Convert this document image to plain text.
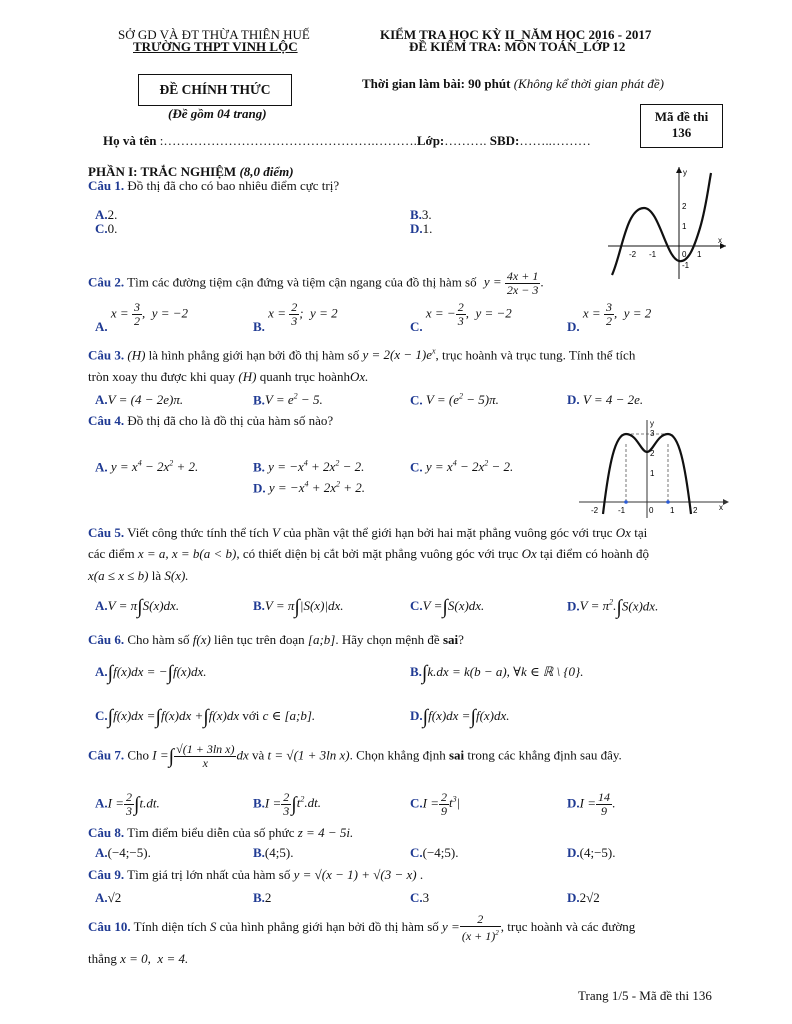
SỞ GD VÀ ĐT THỪA THIÊN HUẾ
TRƯỜNG THPT VINH LỘC
KIỂM TRA HỌC KỲ II_NĂM HỌC 2016 - 2017
ĐỀ KIỂM TRA: MÔN TOÁN_LỚP 12
ĐỀ CHÍNH THỨC
(Đề gồm 04 trang)
Thời gian làm bài: 90 phút (Không kể thời gian phát đề)
Mã đề thi
136
Họ và tên :………………………………………….……….Lớp:………. SBD:……..………
PHẦN I: TRẮC NGHIỆM (8,0 điểm)
Câu 1. Đồ thị đã cho có bao nhiêu điểm cực trị?
A.2.	B.3.
C.0.	D.1.
-2 -1	0 1
x
y
2
1
-1
Câu 2. Tìm các đường tiệm cận đứng và tiệm cận ngang của đồ thị hàm số $y = \frac{4x + 1}{2x - 3}$ .
A. $x = \frac{3}{2}$ ,  y = −2
B. $x = \frac{2}{3}$ ;  y = 2
C. x = − $\frac{2}{3}$ ,  y = −2
D. $x = \frac{3}{2}$ ,  y = 2
Câu 3. (H) là hình phẳng giới hạn bởi đồ thị hàm số $y = 2(x - 1)e^x$, trục hoành và trục tung. Tính thể tích
tròn xoay thu được khi quay (H) quanh trục hoànhOx.
A.V = (4 − 2e)π.	$B.V = e^2 - 5$.	C. $V = (e^2 - 5)\pi$.	D. V = 4 − 2e.
Câu 4. Đồ thị đã cho là đồ thị của hàm số nào?
A. $y = x^4 - 2x^2 + 2$.	B. $y = -x^4 + 2x^2 - 2$.	C. $y = x^4 - 2x^2 - 2$.
D. $y = -x^4 + 2x^2 + 2$.
-2 -1	0 1 2	x
y
3
2
1
Câu 5. Viết công thức tính thể tích V của phần vật thể giới hạn bởi hai mặt phẳng vuông góc với trục Ox tại
các điểm x = a, x = b(a < b), có thiết diện bị cắt bởi mặt phẳng vuông góc với trục Ox tại điểm có hoành độ
x(a ≤ x ≤ b) là S(x).
A.V = π∫S(x)dx.	B.V = π∫|S(x)|dx.	C.V =∫S(x)dx.	$D.V = \pi^2.\int S(x)dx$.
Câu 6. Cho hàm số f(x) liên tục trên đoạn [a;b]. Hãy chọn mệnh đề sai?
A.∫f(x)dx = −∫f(x)dx.	B.∫k.dx = k(b − a), ∀k ∈ ℝ \ {0}.
C.∫f(x)dx =∫f(x)dx +∫f(x)dx với c ∈ [a;b].	D.∫f(x)dx =∫f(x)dx.
Câu 7. Cho I =∫ $\frac{\text{√(1 + 3ln x)}}{x}$ dx và t = √(1 + 3ln x). Chọn khẳng định sai trong các khẳng định sau đây.
$A.I = \frac{2}{3} \int t.dt$.	$B.I = \frac{2}{3} \int t^2.dt$.	$C.I = \frac{2}{9} t^3|$	$D.I = \frac{14}{9}$ .
Câu 8. Tìm điểm biểu diễn của số phức z = 4 − 5i.
A.(−4;−5).	B.(4;5).	C.(−4;5).	D.(4;−5).
Câu 9. Tìm giá trị lớn nhất của hàm số y = √(x − 1) + √(3 − x) .
A.√2	B.2	C.3	D.2√2
Câu 10. Tính diện tích S của hình phẳng giới hạn bởi đồ thị hàm số $y = \frac{2}{(x + 1)^2}$ , trục hoành và các đường
thẳng x = 0,  x = 4.
Trang 1/5 - Mã đề thi 136
